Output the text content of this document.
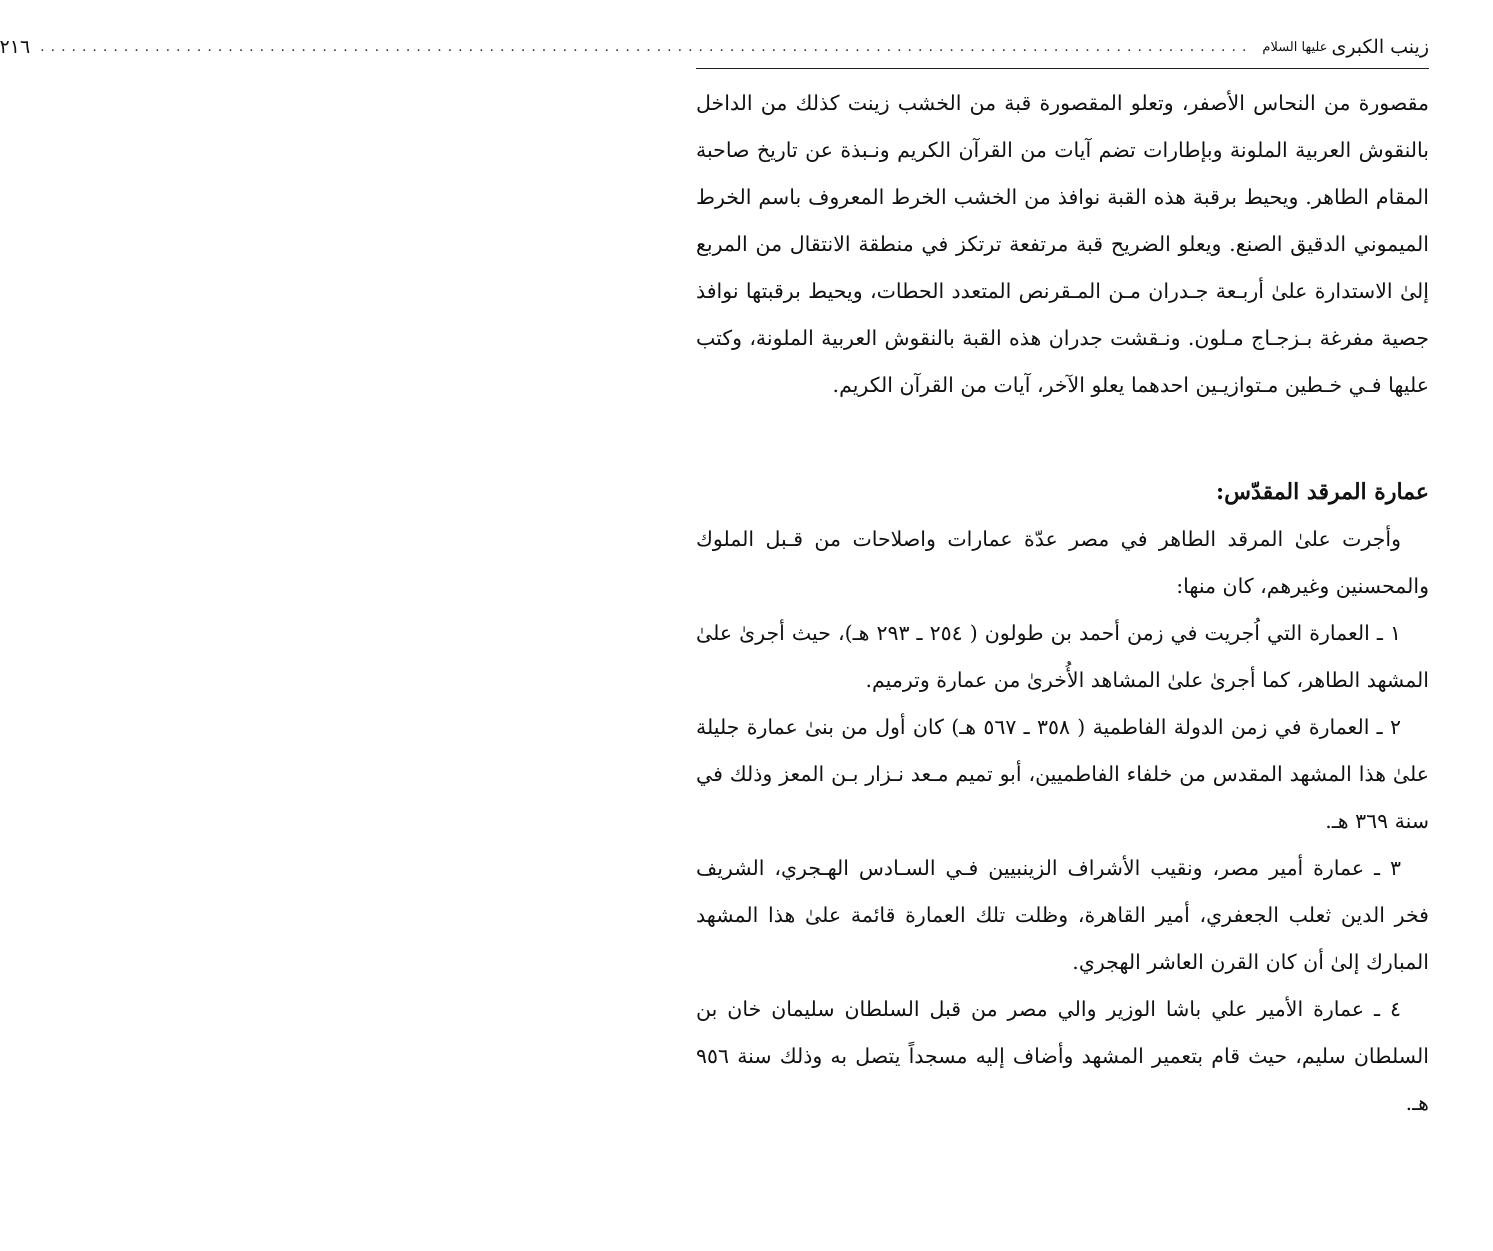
زينب الكبرى
عليها السلام
....................................................................................................................
٢١٦

مقصورة من النحاس الأصفر، وتعلو المقصورة قبة من الخشب زينت كذلك من الداخل بالنقوش العربية الملونة وبإطارات تضم آيات من القرآن الكريم ونـبذة عن تاريخ صاحبة المقام الطاهر. ويحيط برقبة هذه القبة نوافذ من الخشب الخرط المعروف باسم الخرط الميموني الدقيق الصنع. ويعلو الضريح قبة مرتفعة ترتكز في منطقة الانتقال من المربع إلىٰ الاستدارة علىٰ أربـعة جـدران مـن المـقرنص المتعدد الحطات، ويحيط برقبتها نوافذ جصية مفرغة بـزجـاج مـلون. ونـقشت جدران هذه القبة بالنقوش العربية الملونة، وكتب عليها فـي خـطين مـتوازيـين احدهما يعلو الآخر، آيات من القرآن الكريم.

عمارة المرقد المقدّس:

وأجرت علىٰ المرقد الطاهر في مصر عدّة عمارات واصلاحات من قـبل الملوك والمحسنين وغيرهم، كان منها:

١ ـ العمارة التي اُجريت في زمن أحمد بن طولون ( ٢٥٤ ـ ٢٩٣ هـ)، حيث أجرىٰ علىٰ المشهد الطاهر، كما أجرىٰ علىٰ المشاهد الأُخرىٰ من عمارة وترميم.

٢ ـ العمارة في زمن الدولة الفاطمية ( ٣٥٨ ـ ٥٦٧ هـ) كان أول من بنىٰ عمارة جليلة علىٰ هذا المشهد المقدس من خلفاء الفاطميين، أبو تميم مـعد نـزار بـن المعز وذلك في سنة ٣٦٩ هـ.

٣ ـ عمارة أمير مصر، ونقيب الأشراف الزينبيين فـي السـادس الهـجري، الشريف فخر الدين ثعلب الجعفري، أمير القاهرة، وظلت تلك العمارة قائمة علىٰ هذا المشهد المبارك إلىٰ أن كان القرن العاشر الهجري.

٤ ـ عمارة الأمير علي باشا الوزير والي مصر من قبل السلطان سليمان خان بن السلطان سليم، حيث قام بتعمير المشهد وأضاف إليه مسجداً يتصل به وذلك سنة ٩٥٦ هـ.
